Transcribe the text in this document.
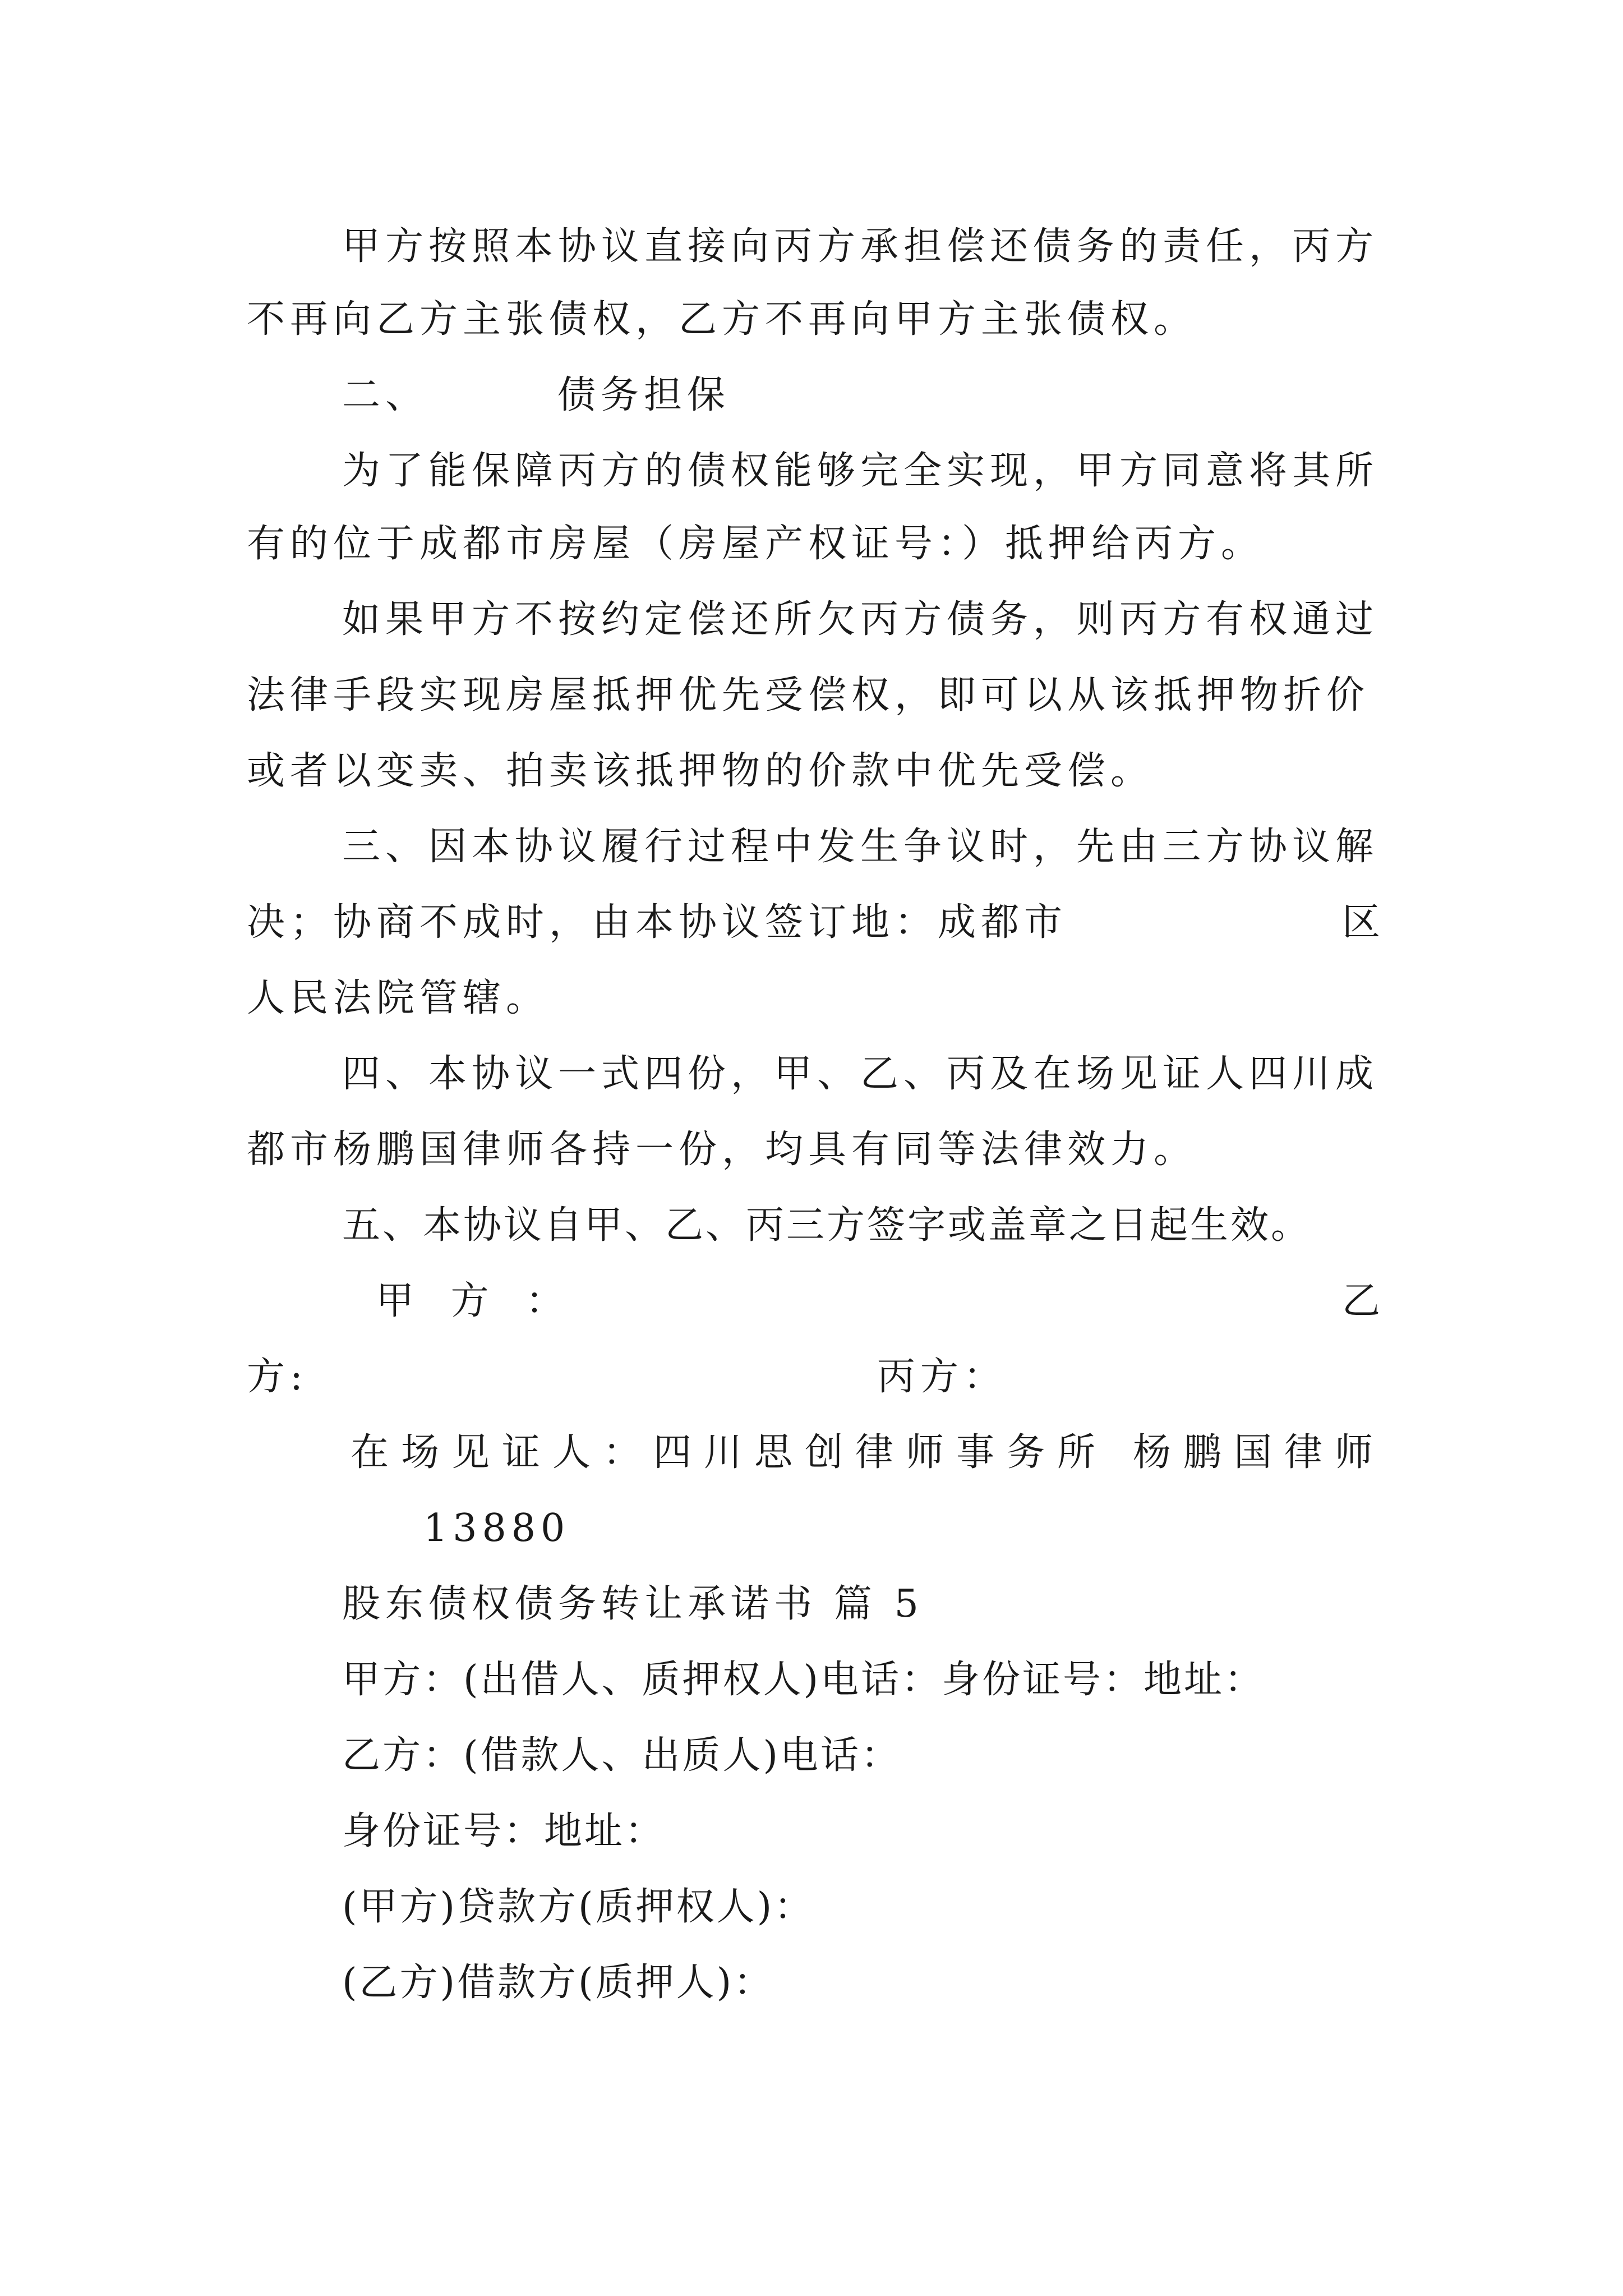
甲方按照本协议直接向丙方承担偿还债务的责任，丙方
不再向乙方主张债权，乙方不再向甲方主张债权。
二、	债务担保
为了能保障丙方的债权能够完全实现，甲方同意将其所
有的位于成都市房屋（房屋产权证号：）抵押给丙方。
如果甲方不按约定偿还所欠丙方债务，则丙方有权通过
法律手段实现房屋抵押优先受偿权，即可以从该抵押物折价
或者以变卖、拍卖该抵押物的价款中优先受偿。
三、因本协议履行过程中发生争议时，先由三方协议解
决；协商不成时，由本协议签订地：成都市	区
人民法院管辖。
四、本协议一式四份，甲、乙、丙及在场见证人四川成
都市杨鹏国律师各持一份，均具有同等法律效力。
五、本协议自甲、乙、丙三方签字或盖章之日起生效。
甲 方 ：	乙
方:	丙方：
在场见证人：四川思创律师事务所 杨鹏国律师
13880
股东债权债务转让承诺书 篇 5
甲方：(出借人、质押权人)电话：身份证号：地址：
乙方：(借款人、出质人)电话：
身份证号：地址：
(甲方)贷款方(质押权人)：
(乙方)借款方(质押人)：
